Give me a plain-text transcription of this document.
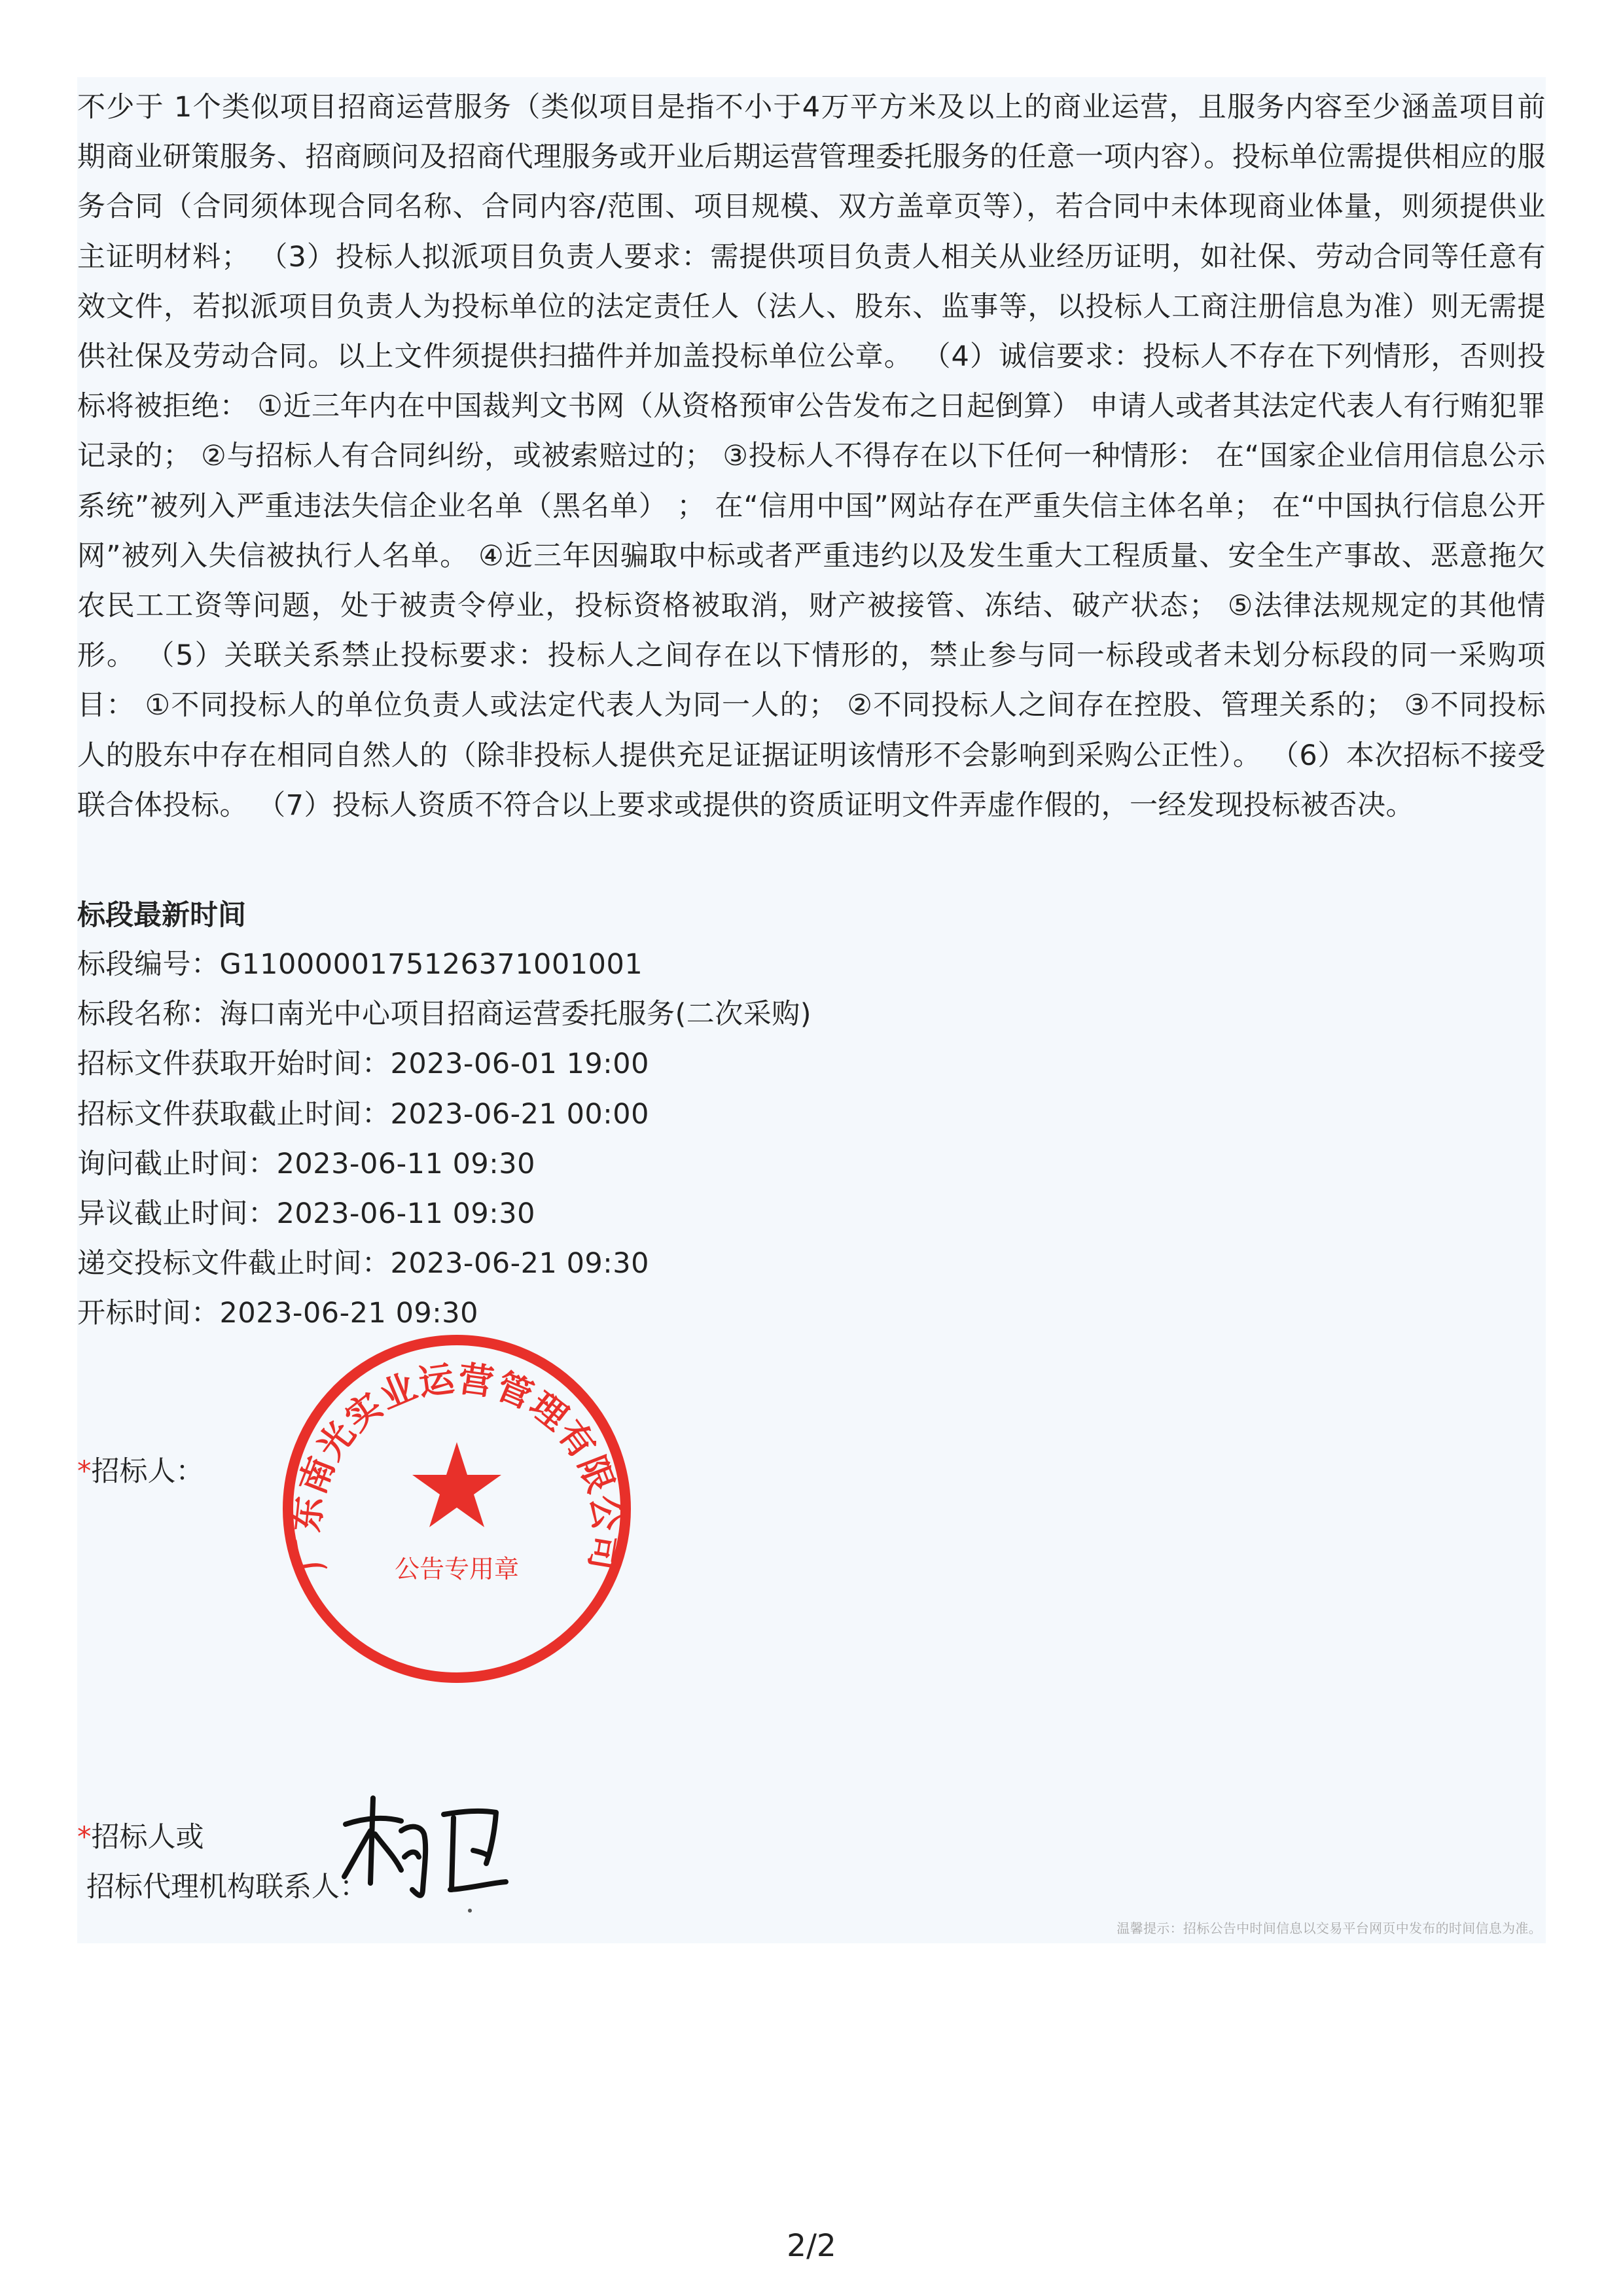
不少于 1个类似项目招商运营服务（类似项目是指不小于4万平方米及以上的商业运营，且服务内容至少涵盖项目前期商业研策服务、招商顾问及招商代理服务或开业后期运营管理委托服务的任意一项内容）。投标单位需提供相应的服务合同（合同须体现合同名称、合同内容/范围、项目规模、双方盖章页等），若合同中未体现商业体量，则须提供业主证明材料； （3）投标人拟派项目负责人要求：需提供项目负责人相关从业经历证明，如社保、劳动合同等任意有效文件，若拟派项目负责人为投标单位的法定责任人（法人、股东、监事等，以投标人工商注册信息为准）则无需提供社保及劳动合同。以上文件须提供扫描件并加盖投标单位公章。 （4）诚信要求：投标人不存在下列情形，否则投标将被拒绝： ①近三年内在中国裁判文书网（从资格预审公告发布之日起倒算） 申请人或者其法定代表人有行贿犯罪记录的； ②与招标人有合同纠纷，或被索赔过的； ③投标人不得存在以下任何一种情形： 在“国家企业信用信息公示系统”被列入严重违法失信企业名单（黑名单） ； 在“信用中国”网站存在严重失信主体名单； 在“中国执行信息公开网”被列入失信被执行人名单。 ④近三年因骗取中标或者严重违约以及发生重大工程质量、安全生产事故、恶意拖欠农民工工资等问题，处于被责令停业，投标资格被取消，财产被接管、冻结、破产状态； ⑤法律法规规定的其他情形。 （5）关联关系禁止投标要求：投标人之间存在以下情形的，禁止参与同一标段或者未划分标段的同一采购项目： ①不同投标人的单位负责人或法定代表人为同一人的； ②不同投标人之间存在控股、管理关系的； ③不同投标人的股东中存在相同自然人的（除非投标人提供充足证据证明该情形不会影响到采购公正性）。 （6）本次招标不接受联合体投标。 （7）投标人资质不符合以上要求或提供的资质证明文件弄虚作假的，一经发现投标被否决。

标段最新时间
标段编号：G1100000175126371001001
标段名称：海口南光中心项目招商运营委托服务(二次采购)
招标文件获取开始时间：2023-06-01 19:00
招标文件获取截止时间：2023-06-21 00:00
询问截止时间：2023-06-11 09:30
异议截止时间：2023-06-11 09:30
递交投标文件截止时间：2023-06-21 09:30
开标时间：2023-06-21 09:30
*招标人：
广东南光实业运营管理有限公司
公告专用章
*招标人或
招标代理机构联系人：
温馨提示：招标公告中时间信息以交易平台网页中发布的时间信息为准。
2/2
